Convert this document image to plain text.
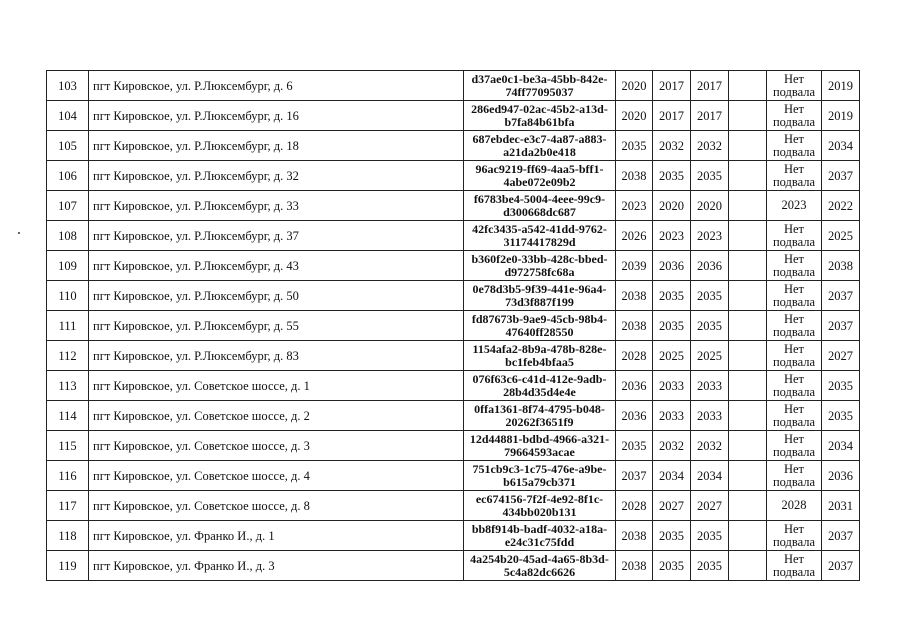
103	пгт Кировское, ул. Р.Люксембург, д. 6	d37ae0c1-be3a-45bb-842e-74ff77095037	2020	2017	2017		Нет подвала	2019
104	пгт Кировское, ул. Р.Люксембург, д. 16	286ed947-02ac-45b2-a13d-b7fa84b61bfa	2020	2017	2017		Нет подвала	2019
105	пгт Кировское, ул. Р.Люксембург, д. 18	687ebdec-e3c7-4a87-a883-a21da2b0e418	2035	2032	2032		Нет подвала	2034
106	пгт Кировское, ул. Р.Люксембург, д. 32	96ac9219-ff69-4aa5-bff1-4abe072e09b2	2038	2035	2035		Нет подвала	2037
107	пгт Кировское, ул. Р.Люксембург, д. 33	f6783be4-5004-4eee-99c9-d300668dc687	2023	2020	2020		2023	2022
108	пгт Кировское, ул. Р.Люксембург, д. 37	42fc3435-a542-41dd-9762-31174417829d	2026	2023	2023		Нет подвала	2025
109	пгт Кировское, ул. Р.Люксембург, д. 43	b360f2e0-33bb-428c-bbed-d972758fc68a	2039	2036	2036		Нет подвала	2038
110	пгт Кировское, ул. Р.Люксембург, д. 50	0e78d3b5-9f39-441e-96a4-73d3f887f199	2038	2035	2035		Нет подвала	2037
111	пгт Кировское, ул. Р.Люксембург, д. 55	fd87673b-9ae9-45cb-98b4-47640ff28550	2038	2035	2035		Нет подвала	2037
112	пгт Кировское, ул. Р.Люксембург, д. 83	1154afa2-8b9a-478b-828e-bc1feb4bfaa5	2028	2025	2025		Нет подвала	2027
113	пгт Кировское, ул. Советское шоссе, д. 1	076f63c6-c41d-412e-9adb-28b4d35d4e4e	2036	2033	2033		Нет подвала	2035
114	пгт Кировское, ул. Советское шоссе, д. 2	0ffa1361-8f74-4795-b048-20262f3651f9	2036	2033	2033		Нет подвала	2035
115	пгт Кировское, ул. Советское шоссе, д. 3	12d44881-bdbd-4966-a321-79664593acae	2035	2032	2032		Нет подвала	2034
116	пгт Кировское, ул. Советское шоссе, д. 4	751cb9c3-1c75-476e-a9be-b615a79cb371	2037	2034	2034		Нет подвала	2036
117	пгт Кировское, ул. Советское шоссе, д. 8	ec674156-7f2f-4e92-8f1c-434bb020b131	2028	2027	2027		2028	2031
118	пгт Кировское, ул. Франко И., д. 1	bb8f914b-badf-4032-a18a-e24c31c75fdd	2038	2035	2035		Нет подвала	2037
119	пгт Кировское, ул. Франко И., д. 3	4a254b20-45ad-4a65-8b3d-5c4a82dc6626	2038	2035	2035		Нет подвала	2037
